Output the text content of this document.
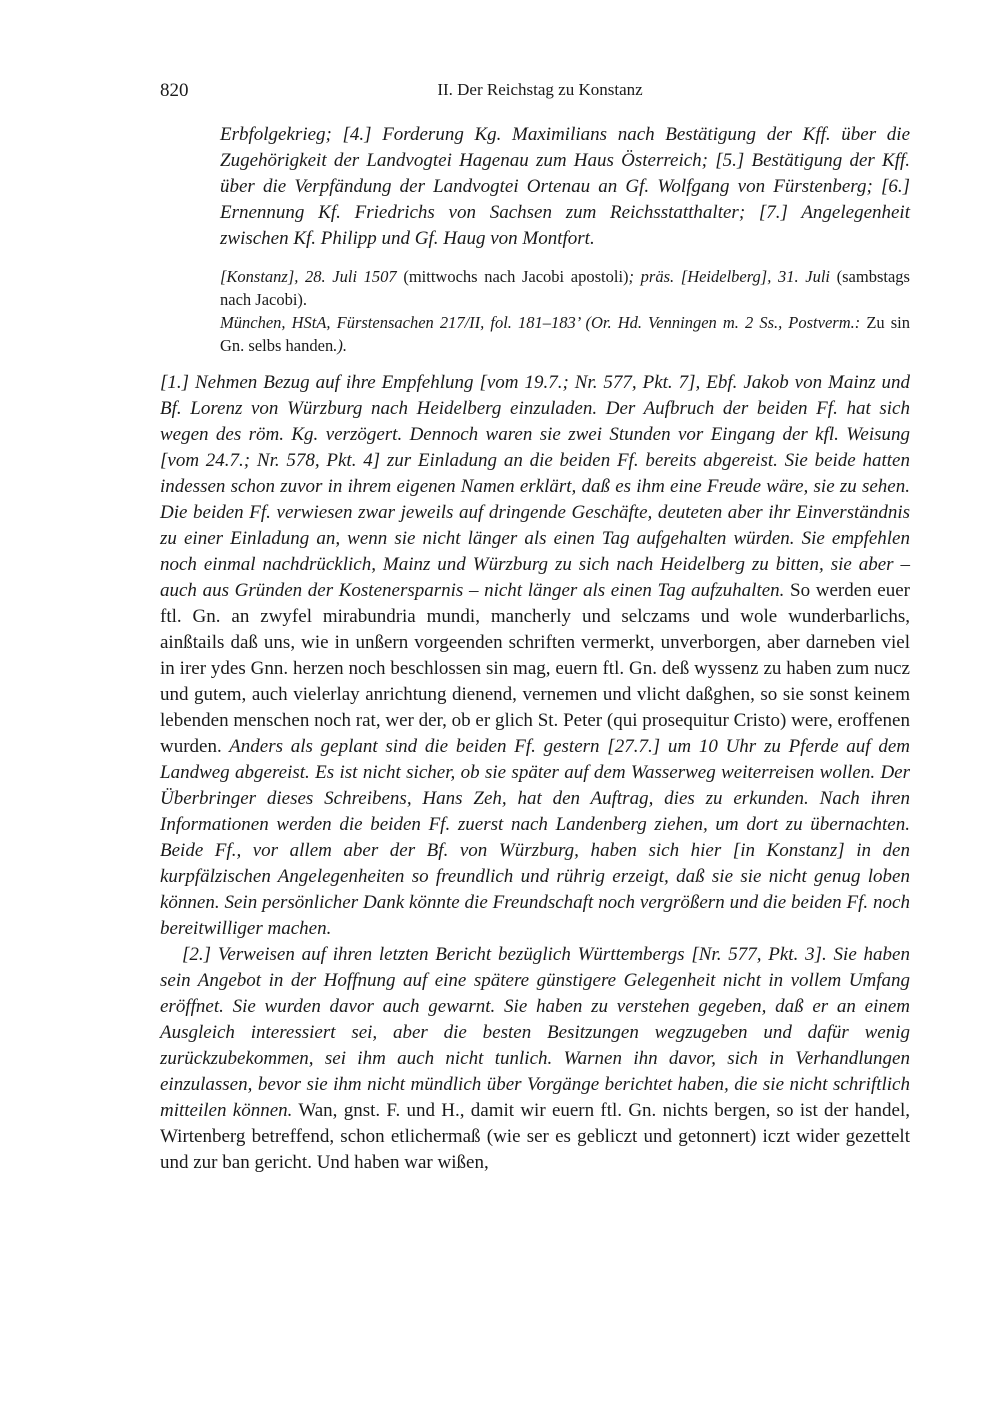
820	II. Der Reichstag zu Konstanz
Erbfolgekrieg; [4.] Forderung Kg. Maximilians nach Bestätigung der Kff. über die Zugehörigkeit der Landvogtei Hagenau zum Haus Österreich; [5.] Bestätigung der Kff. über die Verpfändung der Landvogtei Ortenau an Gf. Wolfgang von Fürstenberg; [6.] Ernennung Kf. Friedrichs von Sachsen zum Reichsstatthalter; [7.] Angelegenheit zwischen Kf. Philipp und Gf. Haug von Montfort.

[Konstanz], 28. Juli 1507 (mittwochs nach Jacobi apostoli); präs. [Heidelberg], 31. Juli (sambstags nach Jacobi).

München, HStA, Fürstensachen 217/II, fol. 181–183’ (Or. Hd. Venningen m. 2 Ss., Postverm.: Zu sin Gn. selbs handen.).

[1.] Nehmen Bezug auf ihre Empfehlung [vom 19.7.; Nr. 577, Pkt. 7], Ebf. Jakob von Mainz und Bf. Lorenz von Würzburg nach Heidelberg einzuladen. Der Aufbruch der beiden Ff. hat sich wegen des röm. Kg. verzögert. Dennoch waren sie zwei Stunden vor Eingang der kfl. Weisung [vom 24.7.; Nr. 578, Pkt. 4] zur Einladung an die beiden Ff. bereits abgereist. Sie beide hatten indessen schon zuvor in ihrem eigenen Namen erklärt, daß es ihm eine Freude wäre, sie zu sehen. Die beiden Ff. verwiesen zwar jeweils auf dringende Geschäfte, deuteten aber ihr Einverständnis zu einer Einladung an, wenn sie nicht länger als einen Tag aufgehalten würden. Sie empfehlen noch einmal nachdrücklich, Mainz und Würzburg zu sich nach Heidelberg zu bitten, sie aber – auch aus Gründen der Kostenersparnis – nicht länger als einen Tag aufzuhalten. So werden euer ftl. Gn. an zwyfel mirabundria mundi, mancherly und selczams und wole wunderbarlichs, ainßtails daß uns, wie in unßern vorgeenden schriften vermerkt, unverborgen, aber darneben viel in irer ydes Gnn. herzen noch beschlossen sin mag, euern ftl. Gn. deß wyssenz zu haben zum nucz und gutem, auch vielerlay anrichtung dienend, vernemen und vlicht daßghen, so sie sonst keinem lebenden menschen noch rat, wer der, ob er glich St. Peter (qui prosequitur Cristo) were, eroffenen wurden. Anders als geplant sind die beiden Ff. gestern [27.7.] um 10 Uhr zu Pferde auf dem Landweg abgereist. Es ist nicht sicher, ob sie später auf dem Wasserweg weiterreisen wollen. Der Überbringer dieses Schreibens, Hans Zeh, hat den Auftrag, dies zu erkunden. Nach ihren Informationen werden die beiden Ff. zuerst nach Landenberg ziehen, um dort zu übernachten. Beide Ff., vor allem aber der Bf. von Würzburg, haben sich hier [in Konstanz] in den kurpfälzischen Angelegenheiten so freundlich und rührig erzeigt, daß sie sie nicht genug loben können. Sein persönlicher Dank könnte die Freundschaft noch vergrößern und die beiden Ff. noch bereitwilliger machen.

[2.] Verweisen auf ihren letzten Bericht bezüglich Württembergs [Nr. 577, Pkt. 3]. Sie haben sein Angebot in der Hoffnung auf eine spätere günstigere Gelegenheit nicht in vollem Umfang eröffnet. Sie wurden davor auch gewarnt. Sie haben zu verstehen gegeben, daß er an einem Ausgleich interessiert sei, aber die besten Besitzungen wegzugeben und dafür wenig zurückzubekommen, sei ihm auch nicht tunlich. Warnen ihn davor, sich in Verhandlungen einzulassen, bevor sie ihm nicht mündlich über Vorgänge berichtet haben, die sie nicht schriftlich mitteilen können. Wan, gnst. F. und H., damit wir euern ftl. Gn. nichts bergen, so ist der handel, Wirtenberg betreffend, schon etlichermaß (wie ser es gebliczt und getonnert) iczt wider gezettelt und zur ban gericht. Und haben war wißen,
